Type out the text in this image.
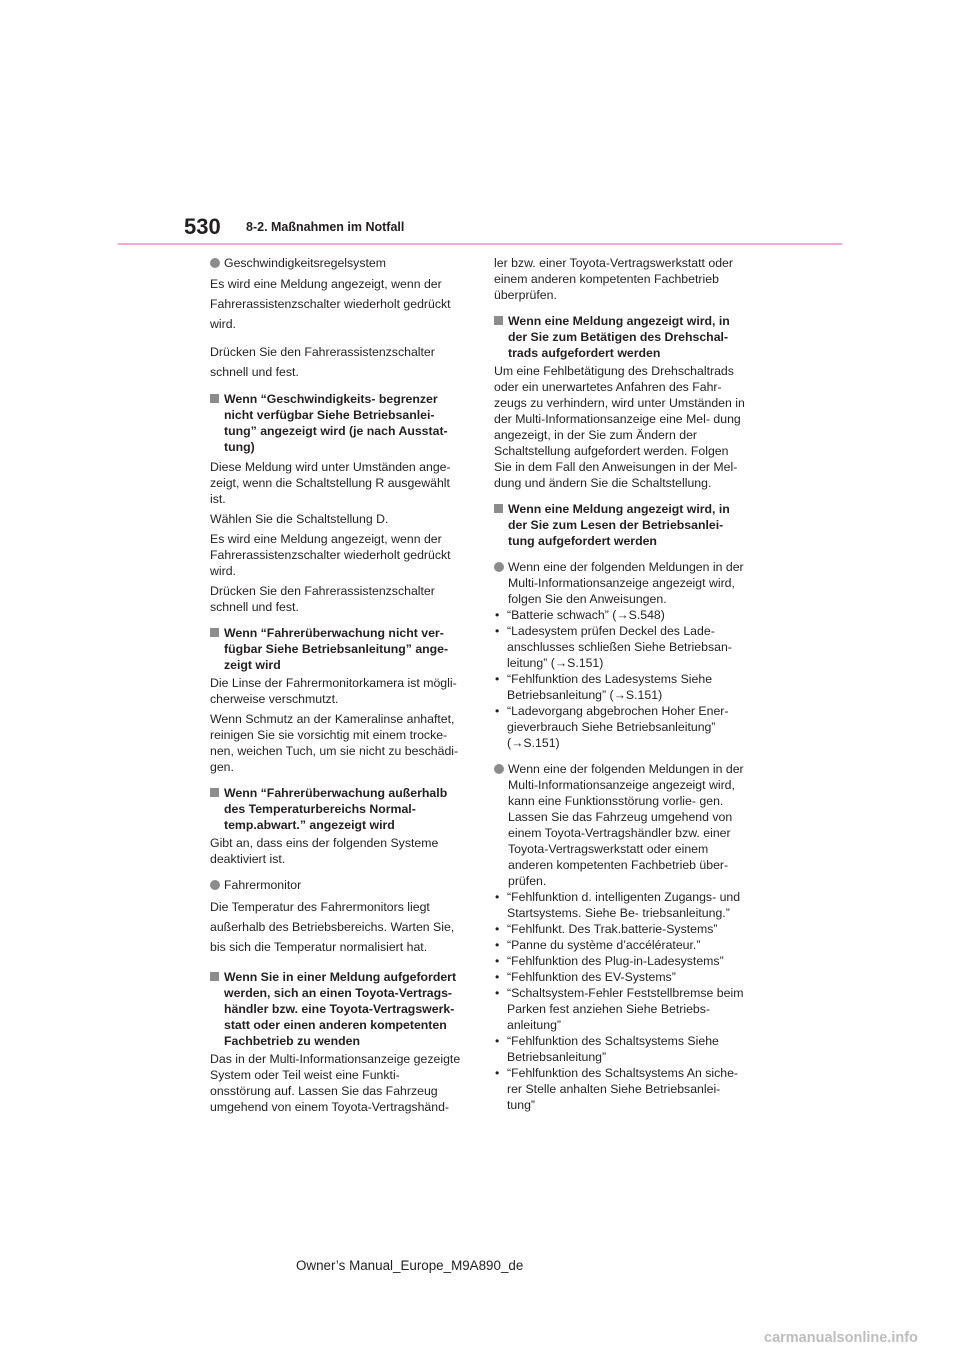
530 8-2. Maßnahmen im Notfall
Geschwindigkeitsregelsystem
Es wird eine Meldung angezeigt, wenn der Fahrerassistenzschalter wiederholt gedrückt wird.
Drücken Sie den Fahrerassistenzschalter schnell und fest.
Wenn “Geschwindigkeits- begrenzer nicht verfügbar Siehe Betriebsanlei- tung” angezeigt wird (je nach Ausstat- tung)
Diese Meldung wird unter Umständen ange- zeigt, wenn die Schaltstellung R ausgewählt ist.
Wählen Sie die Schaltstellung D.
Es wird eine Meldung angezeigt, wenn der Fahrerassistenzschalter wiederholt gedrückt wird.
Drücken Sie den Fahrerassistenzschalter schnell und fest.
Wenn “Fahrerüberwachung nicht ver- fügbar Siehe Betriebsanleitung” ange- zeigt wird
Die Linse der Fahrermonitorkamera ist mögli- cherweise verschmutzt.
Wenn Schmutz an der Kameralinse anhaftet, reinigen Sie sie vorsichtig mit einem trocke- nen, weichen Tuch, um sie nicht zu beschädi- gen.
Wenn “Fahrerüberwachung außerhalb des Temperaturbereichs Normal- temp.abwart.” angezeigt wird
Gibt an, dass eins der folgenden Systeme deaktiviert ist.
Fahrermonitor
Die Temperatur des Fahrermonitors liegt außerhalb des Betriebsbereichs. Warten Sie, bis sich die Temperatur normalisiert hat.
Wenn Sie in einer Meldung aufgefordert werden, sich an einen Toyota-Vertrags- händler bzw. eine Toyota-Vertragswerk- statt oder einen anderen kompetenten Fachbetrieb zu wenden
Das in der Multi-Informationsanzeige gezeigte System oder Teil weist eine Funkti- onsstörung auf. Lassen Sie das Fahrzeug umgehend von einem Toyota-Vertragshänd-
ler bzw. einer Toyota-Vertragswerkstatt oder einem anderen kompetenten Fachbetrieb überprüfen.
Wenn eine Meldung angezeigt wird, in der Sie zum Betätigen des Drehschal- trads aufgefordert werden
Um eine Fehlbetätigung des Drehschaltrads oder ein unerwartetes Anfahren des Fahr- zeugs zu verhindern, wird unter Umständen in der Multi-Informationsanzeige eine Mel- dung angezeigt, in der Sie zum Ändern der Schaltstellung aufgefordert werden. Folgen Sie in dem Fall den Anweisungen in der Mel- dung und ändern Sie die Schaltstellung.
Wenn eine Meldung angezeigt wird, in der Sie zum Lesen der Betriebsanlei- tung aufgefordert werden
Wenn eine der folgenden Meldungen in der Multi-Informationsanzeige angezeigt wird, folgen Sie den Anweisungen.
• “Batterie schwach” (→S.548)
• “Ladesystem prüfen Deckel des Lade- anschlusses schließen Siehe Betriebsan- leitung” (→S.151)
• “Fehlfunktion des Ladesystems Siehe Betriebsanleitung” (→S.151)
• “Ladevorgang abgebrochen Hoher Ener- gieverbrauch Siehe Betriebsanleitung” (→S.151)
Wenn eine der folgenden Meldungen in der Multi-Informationsanzeige angezeigt wird, kann eine Funktionsstörung vorlie- gen. Lassen Sie das Fahrzeug umgehend von einem Toyota-Vertragshändler bzw. einer Toyota-Vertragswerkstatt oder einem anderen kompetenten Fachbetrieb über- prüfen.
• “Fehlfunktion d. intelligenten Zugangs- und Startsystems. Siehe Be- triebsanleitung.”
• “Fehlfunkt. Des Trak.batterie-Systems”
• “Panne du système d’accélérateur.”
• “Fehlfunktion des Plug-in-Ladesystems”
• “Fehlfunktion des EV-Systems”
• “Schaltsystem-Fehler Feststellbremse beim Parken fest anziehen Siehe Betriebs- anleitung”
• “Fehlfunktion des Schaltsystems Siehe Betriebsanleitung”
• “Fehlfunktion des Schaltsystems An siche- rer Stelle anhalten Siehe Betriebsanlei- tung”
Owner’s Manual_Europe_M9A890_de
carmanualsonline.info
